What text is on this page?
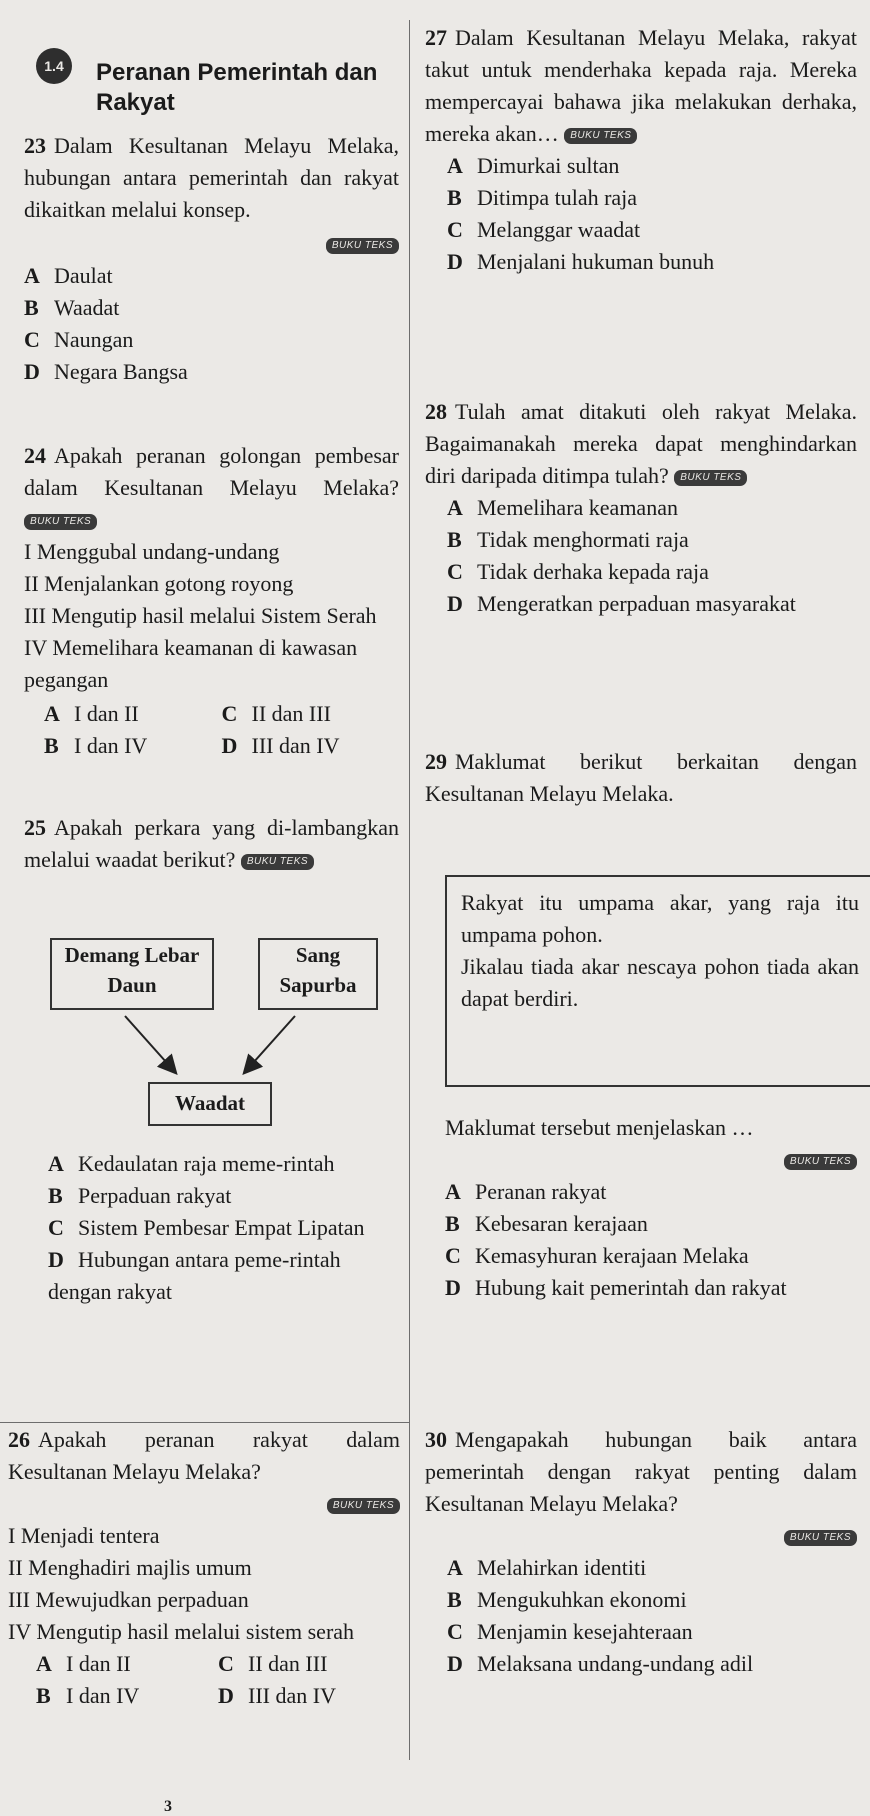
1.4	Peranan Pemerintah dan Rakyat
23 Dalam Kesultanan Melayu Melaka, hubungan antara pemerintah dan rakyat dikaitkan melalui konsep.
BUKU TEKS
A Daulat
B Waadat
C Naungan
D Negara Bangsa
24 Apakah peranan golongan pembesar dalam Kesultanan Melayu Melaka? BUKU TEKS
I Menggubal undang-undang
II Menjalankan gotong royong
III Mengutip hasil melalui Sistem Serah
IV Memelihara keamanan di kawasan pegangan
A I dan II	C II dan III
B I dan IV	D III dan IV
25 Apakah perkara yang di-lambangkan melalui waadat berikut? BUKU TEKS
Demang Lebar Daun
Sang Sapurba
Waadat
A Kedaulatan raja meme-rintah
B Perpaduan rakyat
C Sistem Pembesar Empat Lipatan
D Hubungan antara peme-rintah dengan rakyat
26 Apakah peranan rakyat dalam Kesultanan Melayu Melaka?
BUKU TEKS
I Menjadi tentera
II Menghadiri majlis umum
III Mewujudkan perpaduan
IV Mengutip hasil melalui sistem serah
A I dan II	C II dan III
B I dan IV	D III dan IV
27 Dalam Kesultanan Melayu Melaka, rakyat takut untuk menderhaka kepada raja. Mereka mempercayai bahawa jika melakukan derhaka, mereka akan… BUKU TEKS
A Dimurkai sultan
B Ditimpa tulah raja
C Melanggar waadat
D Menjalani hukuman bunuh
28 Tulah amat ditakuti oleh rakyat Melaka. Bagaimanakah mereka dapat menghindarkan diri daripada ditimpa tulah? BUKU TEKS
A Memelihara keamanan
B Tidak menghormati raja
C Tidak derhaka kepada raja
D Mengeratkan perpaduan masyarakat
29 Maklumat berikut berkaitan dengan Kesultanan Melayu Melaka.

Rakyat itu umpama akar, yang raja itu umpama pohon.

Jikalau tiada akar nescaya pohon tiada akan dapat berdiri.

Maklumat tersebut menjelaskan …
BUKU TEKS
A Peranan rakyat
B Kebesaran kerajaan
C Kemasyhuran kerajaan Melaka
D Hubung kait pemerintah dan rakyat
30 Mengapakah hubungan baik antara pemerintah dengan rakyat penting dalam Kesultanan Melayu Melaka?
BUKU TEKS
A Melahirkan identiti
B Mengukuhkan ekonomi
C Menjamin kesejahteraan
D Melaksana undang-undang adil
3
